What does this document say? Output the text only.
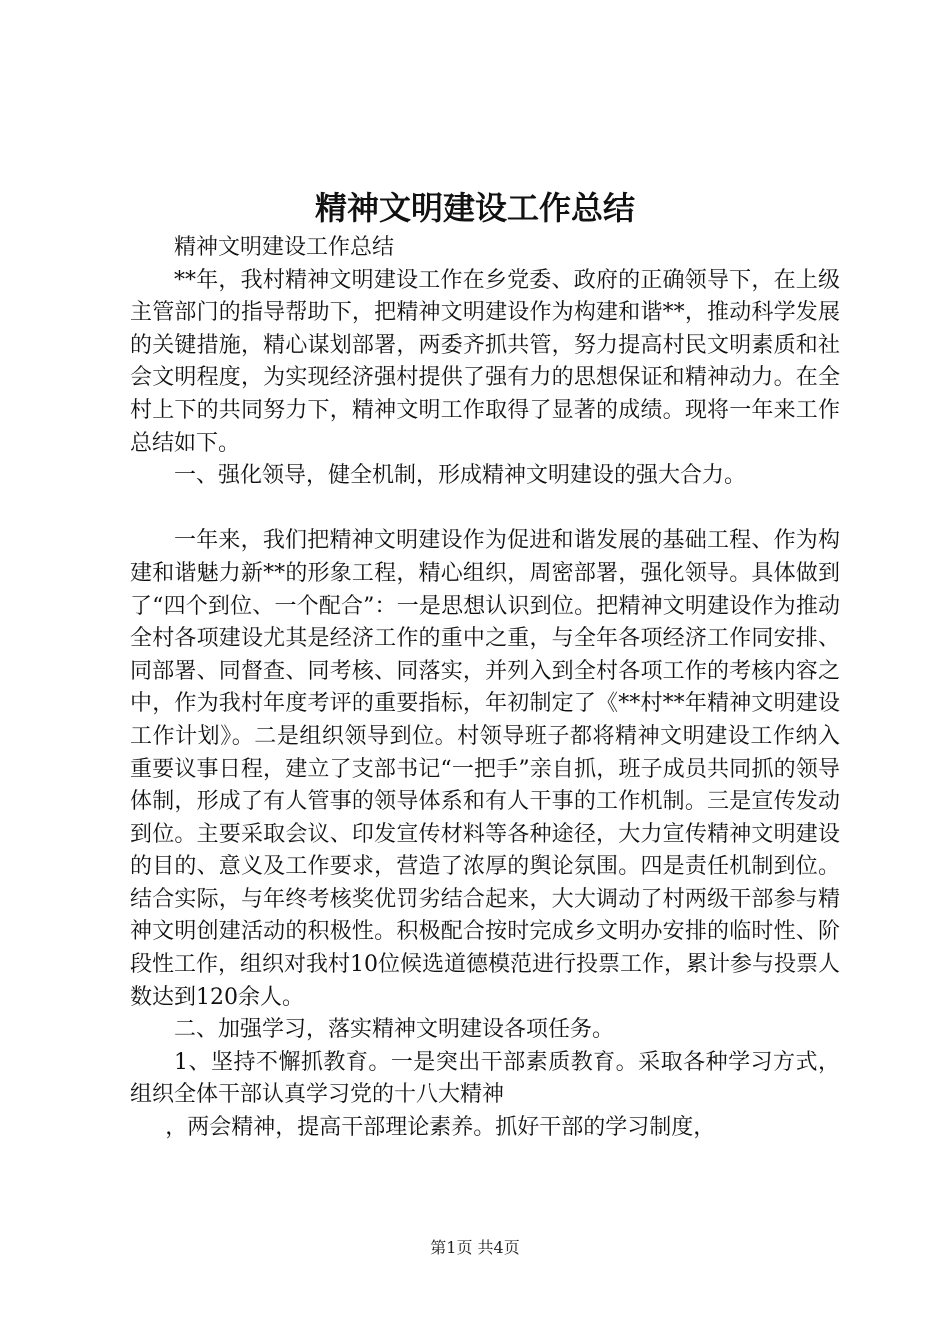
精神文明建设工作总结

精神文明建设工作总结

**年，我村精神文明建设工作在乡党委、政府的正确领导下，在上级主管部门的指导帮助下，把精神文明建设作为构建和谐**，推动科学发展的关键措施，精心谋划部署，两委齐抓共管，努力提高村民文明素质和社会文明程度，为实现经济强村提供了强有力的思想保证和精神动力。在全村上下的共同努力下，精神文明工作取得了显著的成绩。现将一年来工作总结如下。

一、强化领导，健全机制，形成精神文明建设的强大合力。

一年来，我们把精神文明建设作为促进和谐发展的基础工程、作为构建和谐魅力新**的形象工程，精心组织，周密部署，强化领导。具体做到了“四个到位、一个配合”：一是思想认识到位。把精神文明建设作为推动全村各项建设尤其是经济工作的重中之重，与全年各项经济工作同安排、同部署、同督查、同考核、同落实，并列入到全村各项工作的考核内容之中，作为我村年度考评的重要指标，年初制定了《**村**年精神文明建设工作计划》。二是组织领导到位。村领导班子都将精神文明建设工作纳入重要议事日程，建立了支部书记“一把手”亲自抓，班子成员共同抓的领导体制，形成了有人管事的领导体系和有人干事的工作机制。三是宣传发动到位。主要采取会议、印发宣传材料等各种途径，大力宣传精神文明建设的目的、意义及工作要求，营造了浓厚的舆论氛围。四是责任机制到位。结合实际，与年终考核奖优罚劣结合起来，大大调动了村两级干部参与精神文明创建活动的积极性。积极配合按时完成乡文明办安排的临时性、阶段性工作，组织对我村10位候选道德模范进行投票工作，累计参与投票人数达到120余人。

二、加强学习，落实精神文明建设各项任务。

1、坚持不懈抓教育。一是突出干部素质教育。采取各种学习方式，组织全体干部认真学习党的十八大精神

，两会精神，提高干部理论素养。抓好干部的学习制度，

第1页 共4页
